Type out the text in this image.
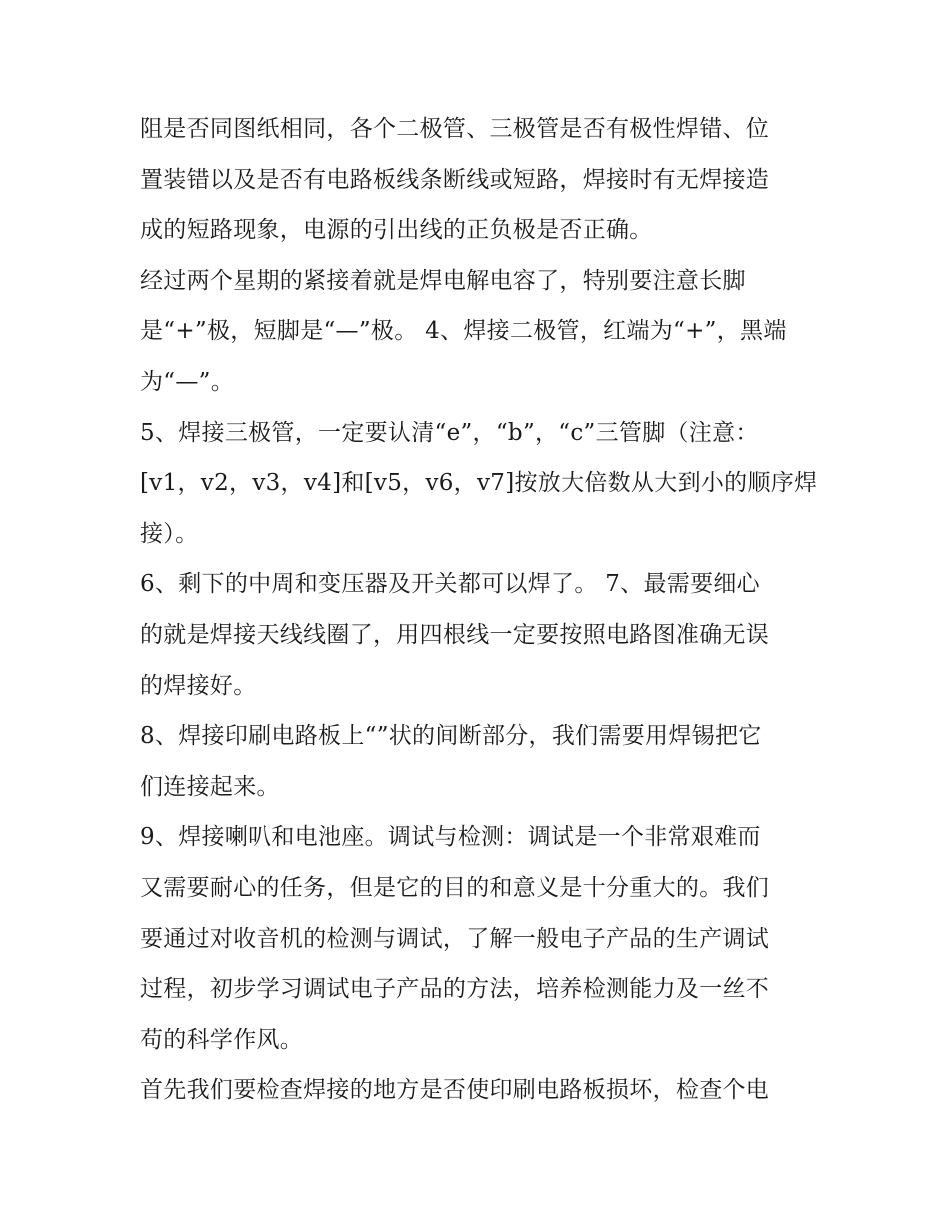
阻是否同图纸相同，各个二极管、三极管是否有极性焊错、位
置装错以及是否有电路板线条断线或短路，焊接时有无焊接造
成的短路现象，电源的引出线的正负极是否正确。
经过两个星期的紧接着就是焊电解电容了，特别要注意长脚
是“+”极，短脚是“—”极。 4、焊接二极管，红端为“+”，黑端
为“—”。
5、焊接三极管，一定要认清“e”，“b”，“c”三管脚（注意：
[v1，v2，v3，v4]和[v5，v6，v7]按放大倍数从大到小的顺序焊
接）。
6、剩下的中周和变压器及开关都可以焊了。 7、最需要细心
的就是焊接天线线圈了，用四根线一定要按照电路图准确无误
的焊接好。
8、焊接印刷电路板上“”状的间断部分，我们需要用焊锡把它
们连接起来。
9、焊接喇叭和电池座。调试与检测：调试是一个非常艰难而
又需要耐心的任务，但是它的目的和意义是十分重大的。我们
要通过对收音机的检测与调试，了解一般电子产品的生产调试
过程，初步学习调试电子产品的方法，培养检测能力及一丝不
苟的科学作风。
首先我们要检查焊接的地方是否使印刷电路板损坏，检查个电
